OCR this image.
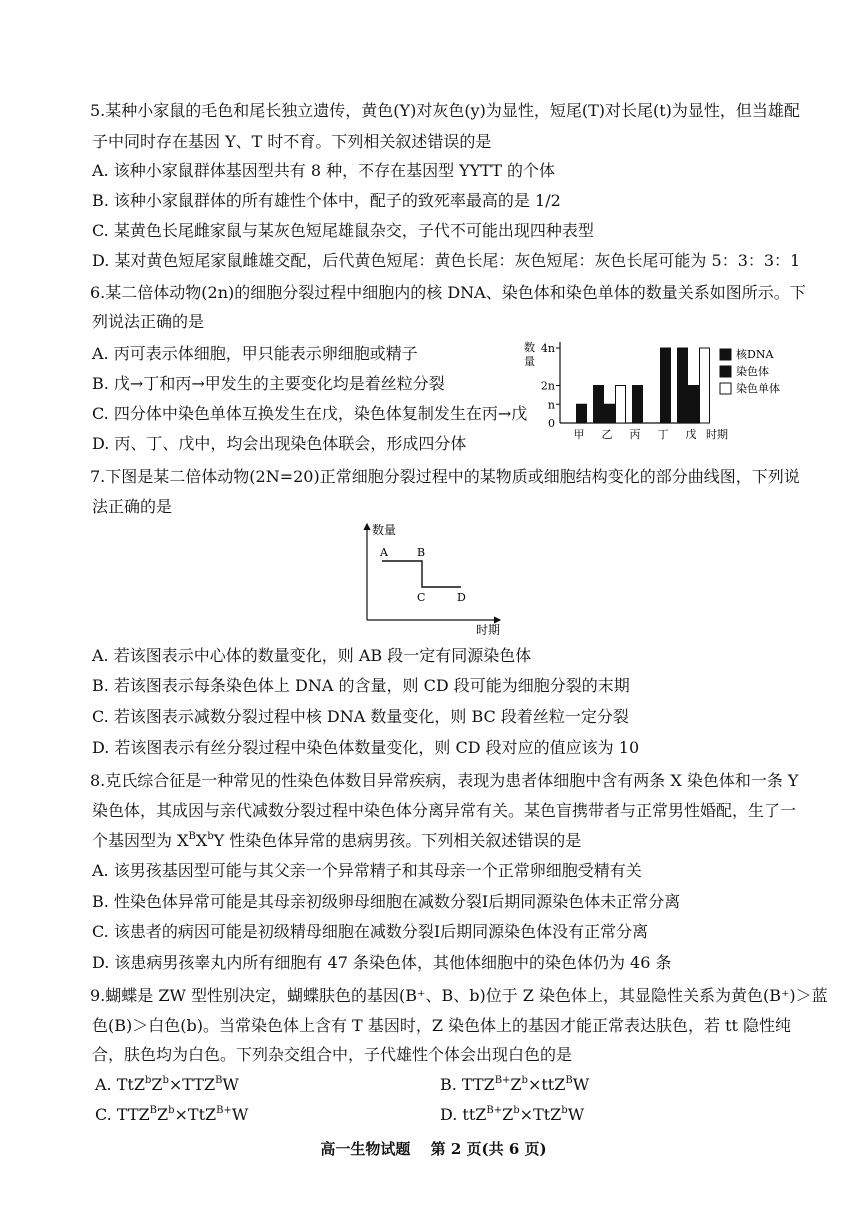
5.某种小家鼠的毛色和尾长独立遗传，黄色(Y)对灰色(y)为显性，短尾(T)对长尾(t)为显性，但当雄配
子中同时存在基因 Y、T 时不育。下列相关叙述错误的是
A. 该种小家鼠群体基因型共有 8 种，不存在基因型 YYTT 的个体
B. 该种小家鼠群体的所有雄性个体中，配子的致死率最高的是 1/2
C. 某黄色长尾雌家鼠与某灰色短尾雄鼠杂交，子代不可能出现四种表型
D. 某对黄色短尾家鼠雌雄交配，后代黄色短尾：黄色长尾：灰色短尾：灰色长尾可能为 5：3：3：1
6.某二倍体动物(2n)的细胞分裂过程中细胞内的核 DNA、染色体和染色单体的数量关系如图所示。下
列说法正确的是
A. 丙可表示体细胞，甲只能表示卵细胞或精子
B. 戊→丁和丙→甲发生的主要变化均是着丝粒分裂
C. 四分体中染色单体互换发生在戊，染色体复制发生在丙→戊
D. 丙、丁、戊中，均会出现染色体联会，形成四分体
数
量
0
n
2n
4n
甲 乙 丙 丁 戊 时期
核DNA
染色体
染色单体
7.下图是某二倍体动物(2N=20)正常细胞分裂过程中的某物质或细胞结构变化的部分曲线图，下列说
法正确的是
数量
时期
A	B
C	D
A. 若该图表示中心体的数量变化，则 AB 段一定有同源染色体
B. 若该图表示每条染色体上 DNA 的含量，则 CD 段可能为细胞分裂的末期
C. 若该图表示减数分裂过程中核 DNA 数量变化，则 BC 段着丝粒一定分裂
D. 若该图表示有丝分裂过程中染色体数量变化，则 CD 段对应的值应该为 10
8.克氏综合征是一种常见的性染色体数目异常疾病，表现为患者体细胞中含有两条 X 染色体和一条 Y
染色体，其成因与亲代减数分裂过程中染色体分离异常有关。某色盲携带者与正常男性婚配，生了一
个基因型为 $X^BX^bY$ 性染色体异常的患病男孩。下列相关叙述错误的是
A. 该男孩基因型可能与其父亲一个异常精子和其母亲一个正常卵细胞受精有关
B. 性染色体异常可能是其母亲初级卵母细胞在减数分裂Ⅰ后期同源染色体未正常分离
C. 该患者的病因可能是初级精母细胞在减数分裂Ⅰ后期同源染色体没有正常分离
D. 该患病男孩睾丸内所有细胞有 47 条染色体，其他体细胞中的染色体仍为 46 条
9.蝴蝶是 ZW 型性别决定，蝴蝶肤色的基因(B⁺、B、b)位于 Z 染色体上，其显隐性关系为黄色(B⁺)＞蓝
色(B)＞白色(b)。当常染色体上含有 T 基因时，Z 染色体上的基因才能正常表达肤色，若 tt 隐性纯
合，肤色均为白色。下列杂交组合中，子代雄性个体会出现白色的是
A. $TtZ^bZ^b\times TTZ^BW$	B. $TTZ^{B+}Z^b\times ttZ^BW$
C. $TTZ^BZ^b\times TtZ^{B+}W$	D. $ttZ^{B+}Z^b\times TtZ^bW$
高一生物试题　 第 2 页(共 6 页)
